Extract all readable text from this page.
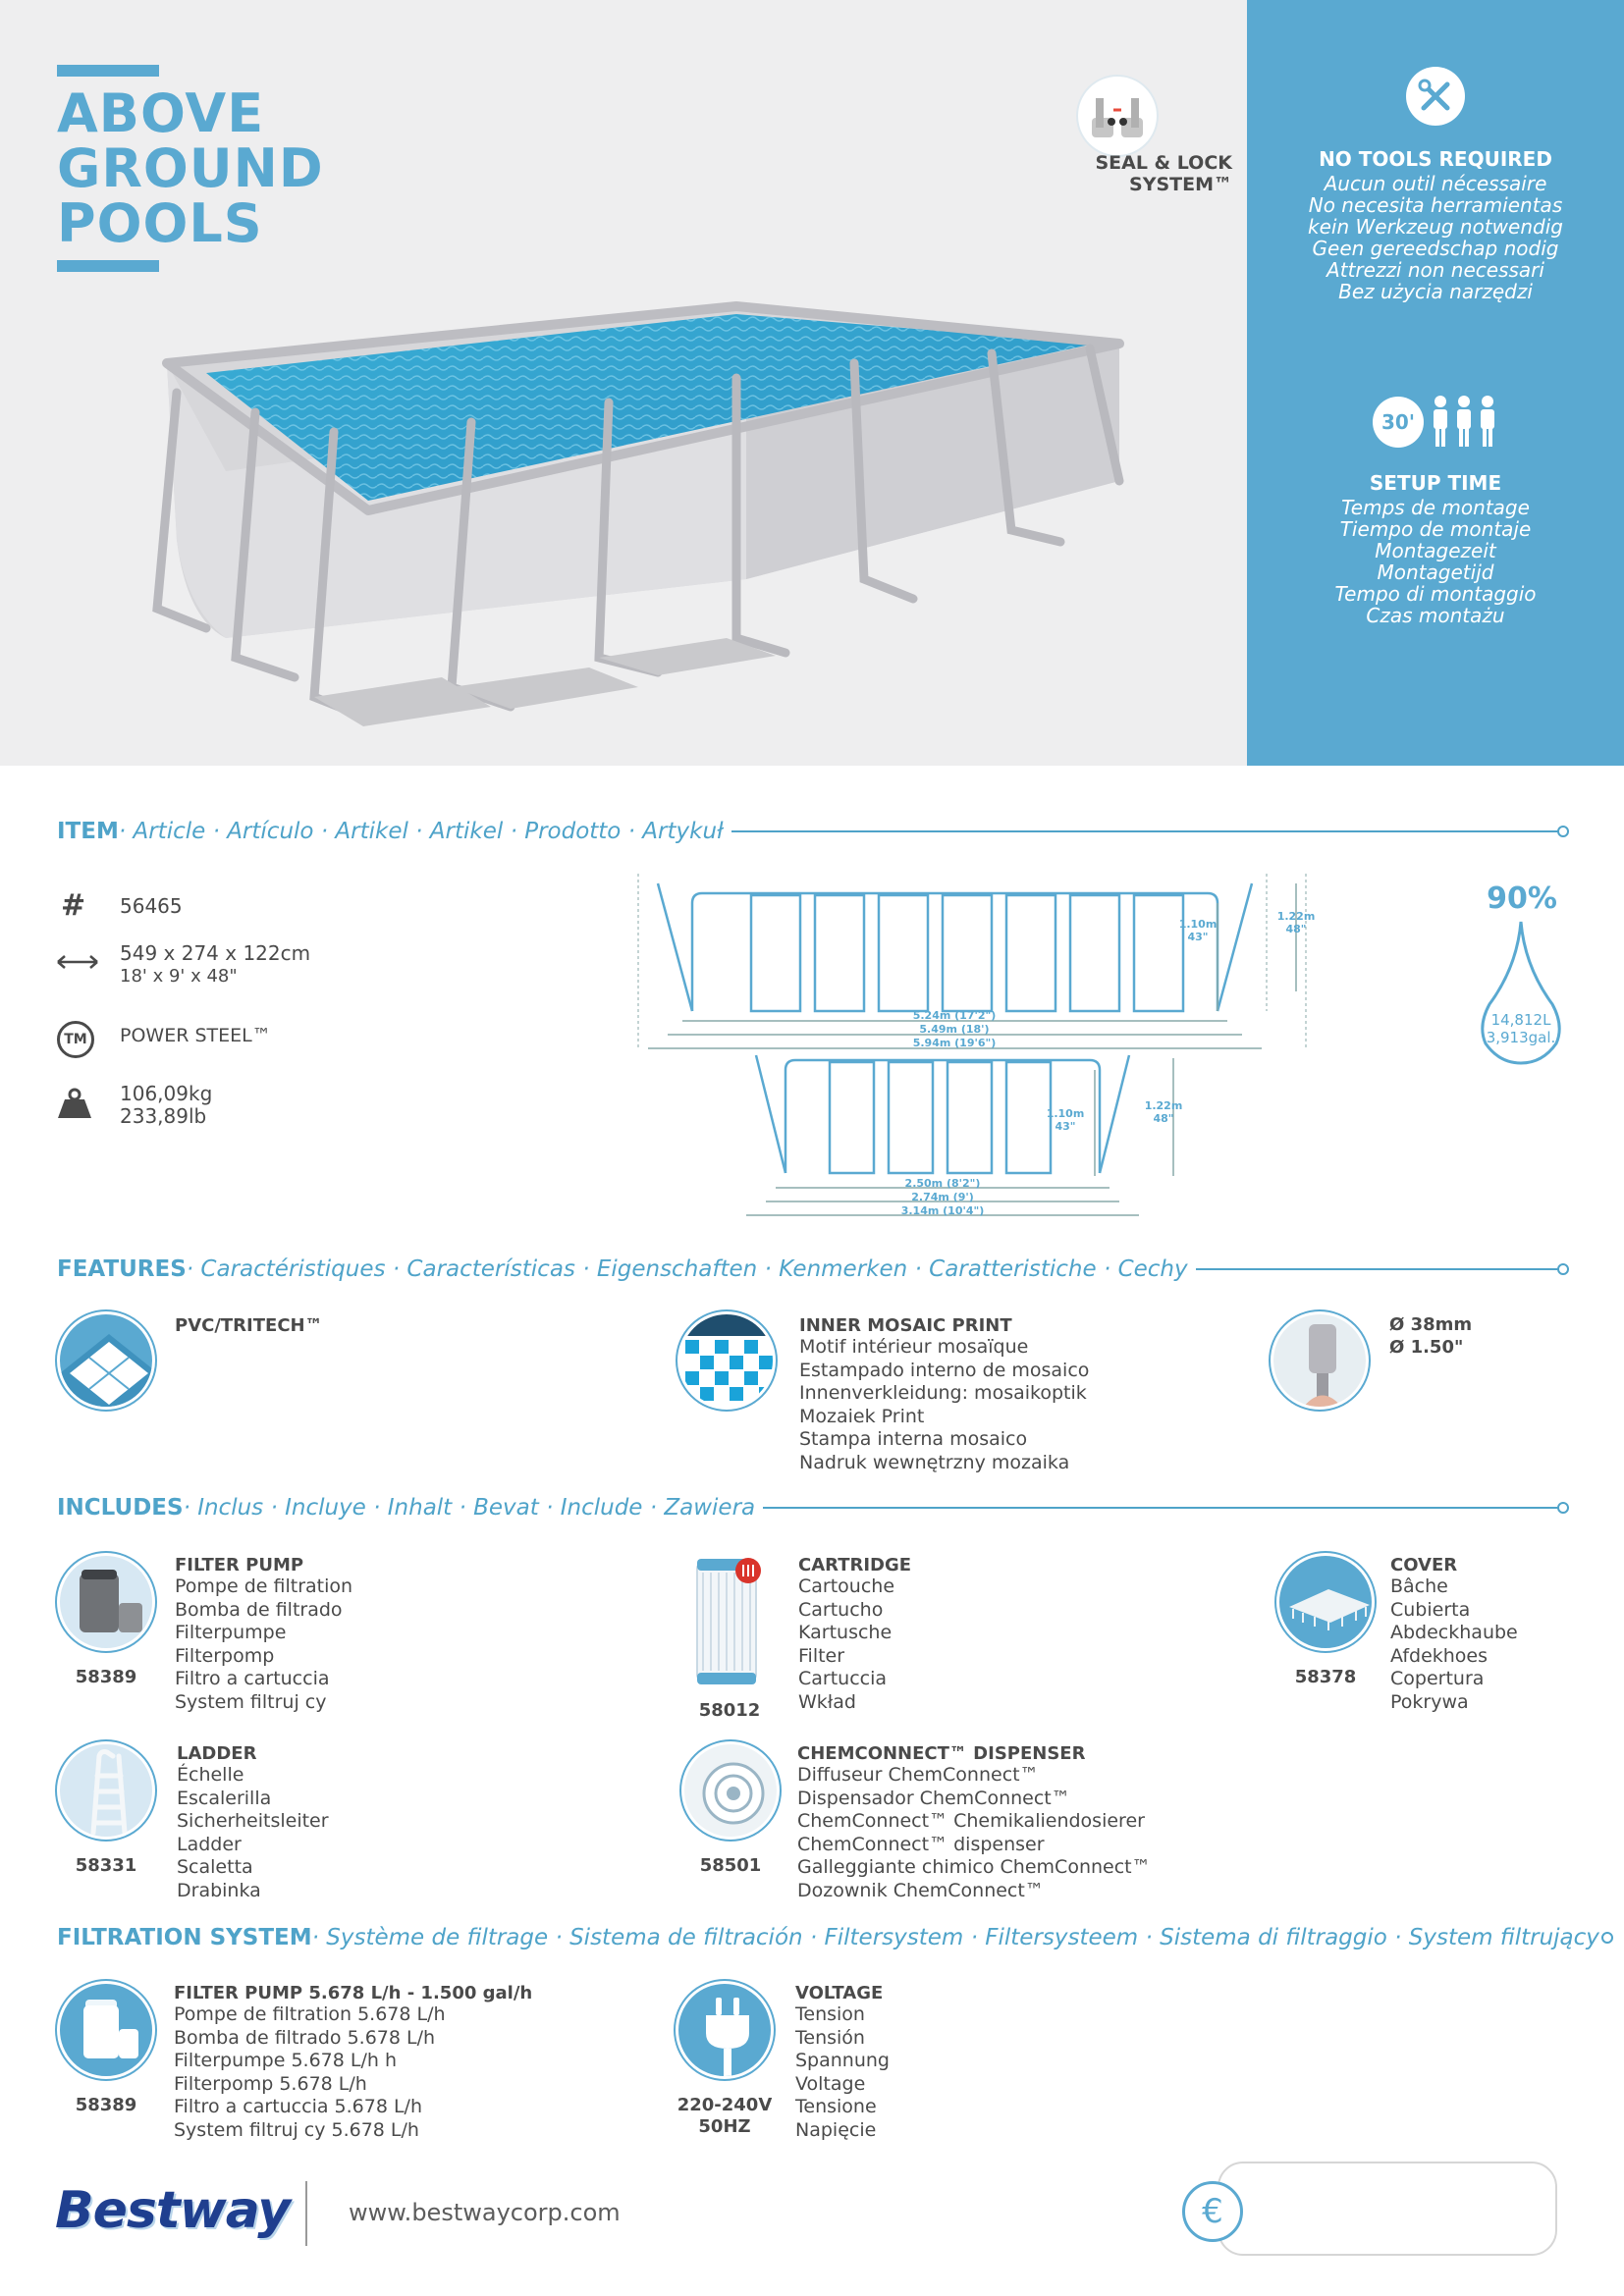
ABOVE
GROUND
POOLS
SEAL & LOCK SYSTEM™
NO TOOLS REQUIRED
Aucun outil nécessaire
No necesita herramientas
kein Werkzeug notwendig
Geen gereedschap nodig
Attrezzi non necessari
Bez użycia narzędzi
30'
SETUP TIME
Temps de montage
Tiempo de montaje
Montagezeit
Montagetijd
Tempo di montaggio
Czas montażu
ITEM · Article · Artículo · Artikel · Artikel · Prodotto · Artykuł
# 56465
549 x 274 x 122cm
18' x 9' x 48"
TM	POWER STEEL™
106,09kg
233,89lb
5.24m (17'2")
5.49m (18')
5.94m (19'6")
1.10m
43"
1.22m
48"
2.50m (8'2")
2.74m (9')
3.14m (10'4")
1.10m
43"
1.22m
48"
90%
14,812L
3,913gal.
FEATURES · Caractéristiques · Características · Eigenschaften · Kenmerken · Caratteristiche · Cechy
PVC/TRITECH™	INNER MOSAIC PRINT
Motif intérieur mosaïque
Estampado interno de mosaico
Innenverkleidung: mosaikoptik
Mozaiek Print
Stampa interna mosaico
Nadruk wewnętrzny mozaika
Ø 38mm
Ø 1.50"
INCLUDES · Inclus · Incluye · Inhalt · Bevat · Include · Zawiera
58389
FILTER PUMP
Pompe de filtration
Bomba de filtrado
Filterpumpe
Filterpomp
Filtro a cartuccia
System filtruj cy	58012
CARTRIDGE
Cartouche
Cartucho
Kartusche
Filter
Cartuccia
Wkład
58378
COVER
Bâche
Cubierta
Abdeckhaube
Afdekhoes
Copertura
Pokrywa
58331
LADDER
Échelle
Escalerilla
Sicherheitsleiter
Ladder
Scaletta
Drabinka
58501
CHEMCONNECT™ DISPENSER
Diffuseur ChemConnect™
Dispensador ChemConnect™
ChemConnect™ Chemikaliendosierer
ChemConnect™ dispenser
Galleggiante chimico ChemConnect™
Dozownik ChemConnect™
FILTRATION SYSTEM · Système de filtrage · Sistema de filtración · Filtersystem · Filtersysteem · Sistema di filtraggio · System filtrujący
58389
FILTER PUMP 5.678 L/h - 1.500 gal/h
Pompe de filtration 5.678 L/h
Bomba de filtrado 5.678 L/h
Filterpumpe 5.678 L/h h
Filterpomp 5.678 L/h
Filtro a cartuccia 5.678 L/h
System filtruj cy 5.678 L/h
220-240V
50HZ
VOLTAGE
Tension
Tensión
Spannung
Voltage
Tensione
Napięcie
Bestway www.bestwaycorp.com	€
